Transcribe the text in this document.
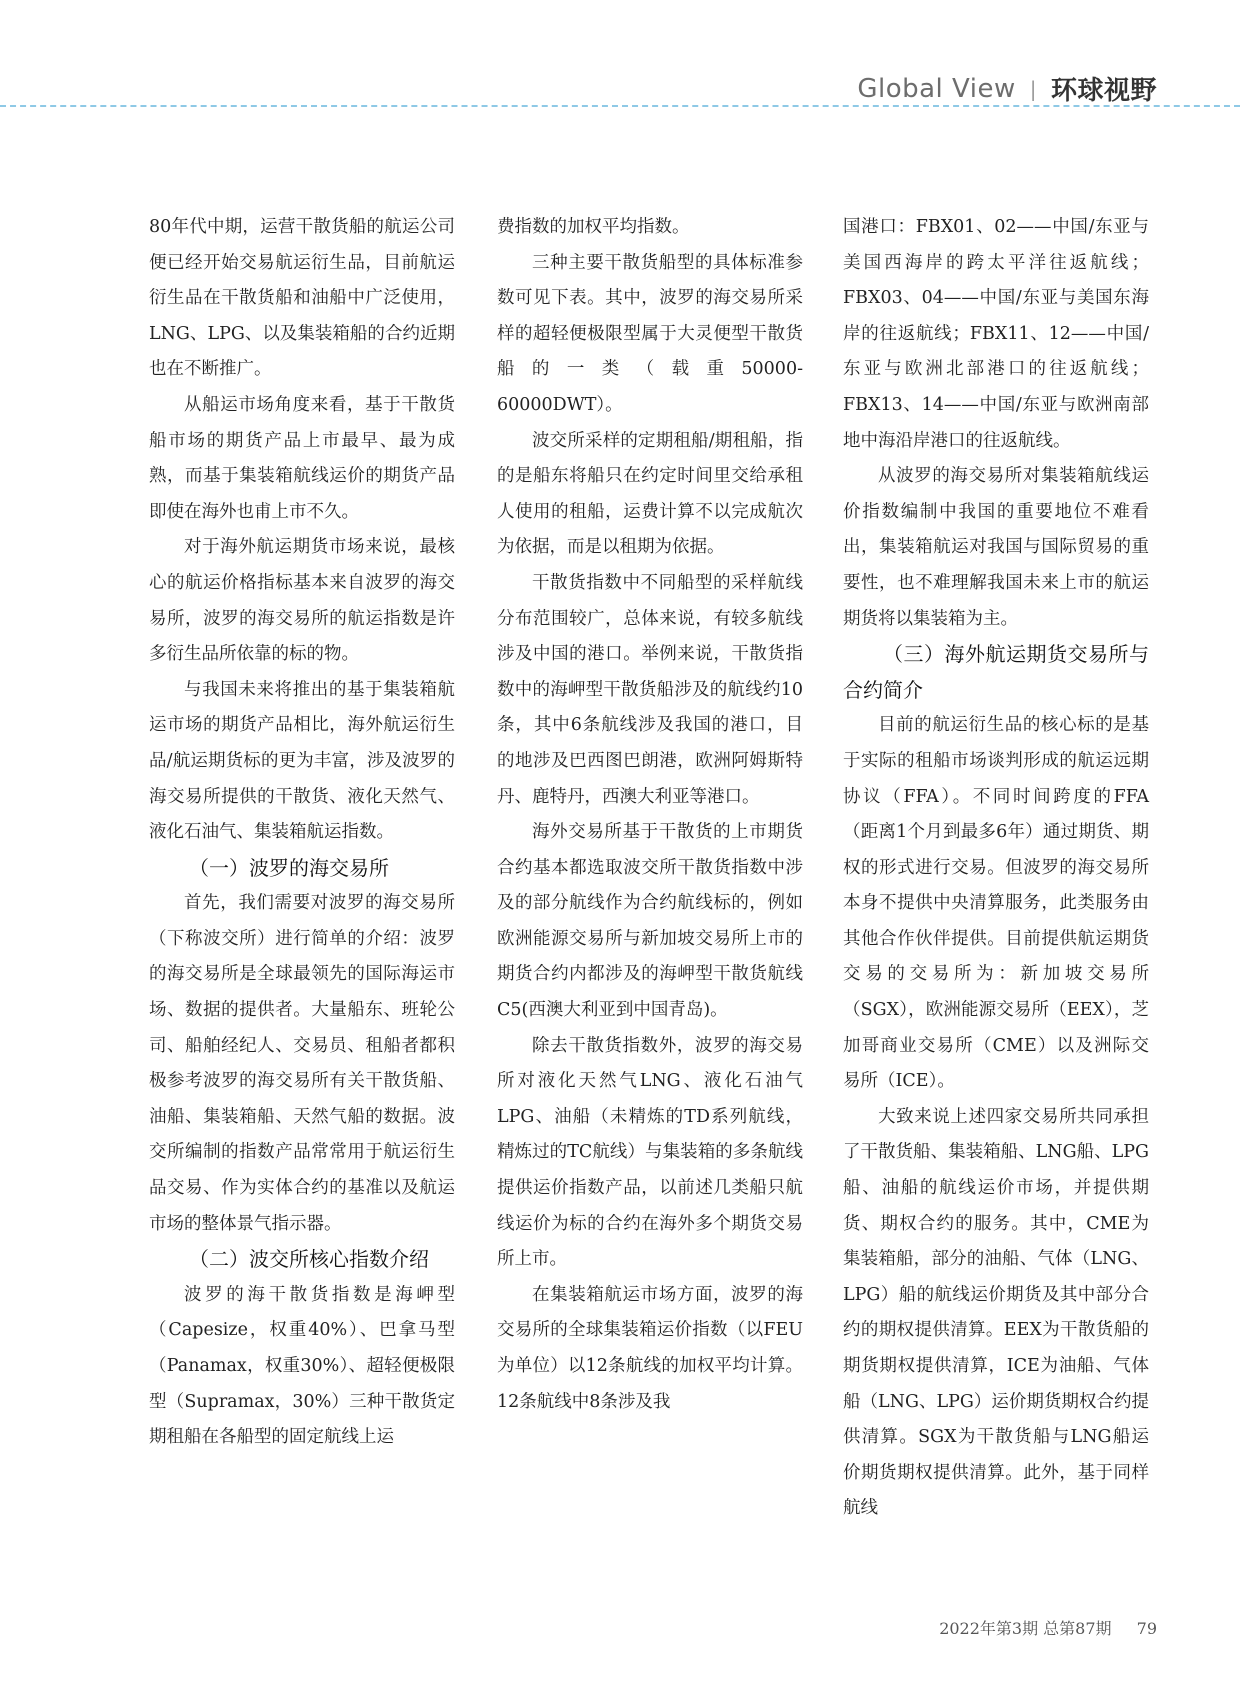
Global View | 环球视野

80年代中期，运营干散货船的航运公司便已经开始交易航运衍生品，目前航运衍生品在干散货船和油船中广泛使用，LNG、LPG、以及集装箱船的合约近期也在不断推广。

从船运市场角度来看，基于干散货船市场的期货产品上市最早、最为成熟，而基于集装箱航线运价的期货产品即使在海外也甫上市不久。

对于海外航运期货市场来说，最核心的航运价格指标基本来自波罗的海交易所，波罗的海交易所的航运指数是许多衍生品所依靠的标的物。

与我国未来将推出的基于集装箱航运市场的期货产品相比，海外航运衍生品/航运期货标的更为丰富，涉及波罗的海交易所提供的干散货、液化天然气、液化石油气、集装箱航运指数。

（一）波罗的海交易所

首先，我们需要对波罗的海交易所（下称波交所）进行简单的介绍：波罗的海交易所是全球最领先的国际海运市场、数据的提供者。大量船东、班轮公司、船舶经纪人、交易员、租船者都积极参考波罗的海交易所有关干散货船、油船、集装箱船、天然气船的数据。波交所编制的指数产品常常用于航运衍生品交易、作为实体合约的基准以及航运市场的整体景气指示器。

（二）波交所核心指数介绍

波罗的海干散货指数是海岬型（Capesize，权重40%）、巴拿马型（Panamax，权重30%）、超轻便极限型（Supramax，30%）三种干散货定期租船在各船型的固定航线上运

费指数的加权平均指数。

三种主要干散货船型的具体标准参数可见下表。其中，波罗的海交易所采样的超轻便极限型属于大灵便型干散货船的一类（载重50000-60000DWT）。

波交所采样的定期租船/期租船，指的是船东将船只在约定时间里交给承租人使用的租船，运费计算不以完成航次为依据，而是以租期为依据。

干散货指数中不同船型的采样航线分布范围较广，总体来说，有较多航线涉及中国的港口。举例来说，干散货指数中的海岬型干散货船涉及的航线约10条，其中6条航线涉及我国的港口，目的地涉及巴西图巴朗港，欧洲阿姆斯特丹、鹿特丹，西澳大利亚等港口。

海外交易所基于干散货的上市期货合约基本都选取波交所干散货指数中涉及的部分航线作为合约航线标的，例如欧洲能源交易所与新加坡交易所上市的期货合约内都涉及的海岬型干散货航线C5(西澳大利亚到中国青岛)。

除去干散货指数外，波罗的海交易所对液化天然气LNG、液化石油气LPG、油船（未精炼的TD系列航线，精炼过的TC航线）与集装箱的多条航线提供运价指数产品，以前述几类船只航线运价为标的合约在海外多个期货交易所上市。

在集装箱航运市场方面，波罗的海交易所的全球集装箱运价指数（以FEU为单位）以12条航线的加权平均计算。12条航线中8条涉及我

国港口：FBX01、02——中国/东亚与美国西海岸的跨太平洋往返航线；FBX03、04——中国/东亚与美国东海岸的往返航线；FBX11、12——中国/东亚与欧洲北部港口的往返航线；FBX13、14——中国/东亚与欧洲南部地中海沿岸港口的往返航线。

从波罗的海交易所对集装箱航线运价指数编制中我国的重要地位不难看出，集装箱航运对我国与国际贸易的重要性，也不难理解我国未来上市的航运期货将以集装箱为主。

（三）海外航运期货交易所与合约简介

目前的航运衍生品的核心标的是基于实际的租船市场谈判形成的航运远期协议（FFA）。不同时间跨度的FFA（距离1个月到最多6年）通过期货、期权的形式进行交易。但波罗的海交易所本身不提供中央清算服务，此类服务由其他合作伙伴提供。目前提供航运期货交易的交易所为：新加坡交易所（SGX），欧洲能源交易所（EEX），芝加哥商业交易所（CME）以及洲际交易所（ICE）。

大致来说上述四家交易所共同承担了干散货船、集装箱船、LNG船、LPG船、油船的航线运价市场，并提供期货、期权合约的服务。其中，CME为集装箱船，部分的油船、气体（LNG、LPG）船的航线运价期货及其中部分合约的期权提供清算。EEX为干散货船的期货期权提供清算，ICE为油船、气体船（LNG、LPG）运价期货期权合约提供清算。SGX为干散货船与LNG船运价期货期权提供清算。此外，基于同样航线

2022年第3期 总第87期 79
